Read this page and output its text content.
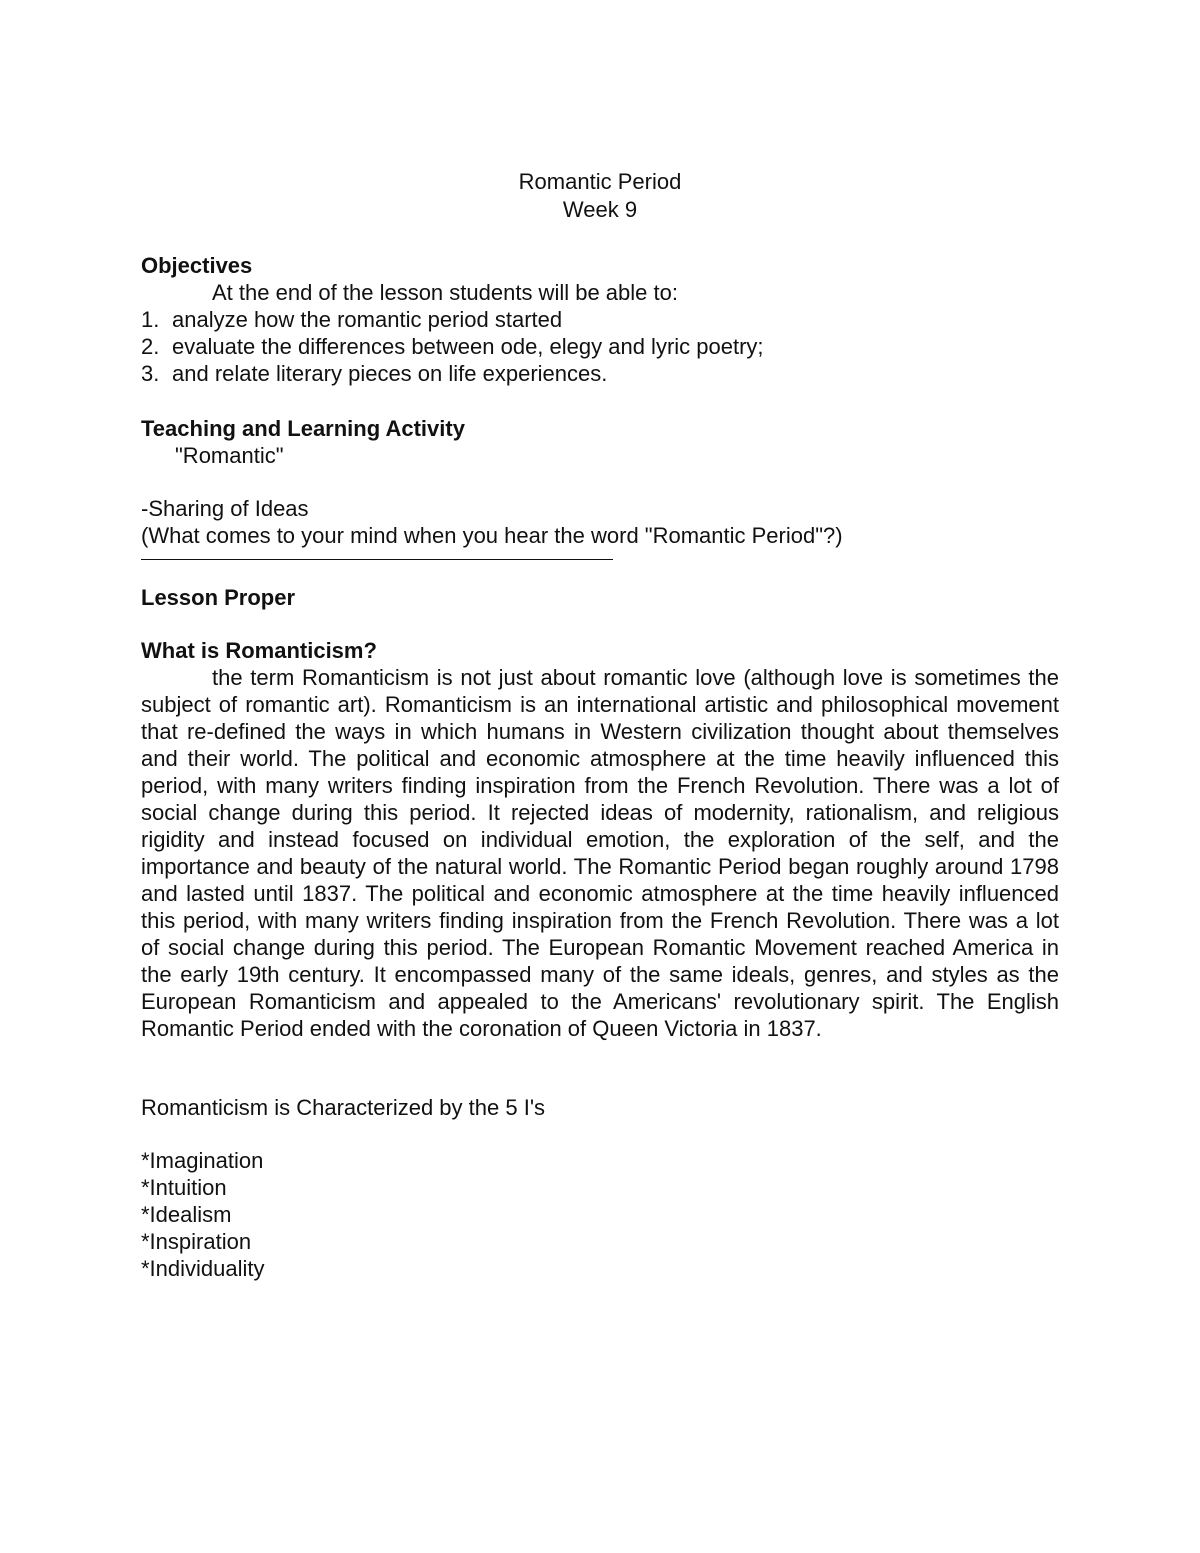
Romantic Period
Week 9
Objectives
At the end of the lesson students will be able to:
1. analyze how the romantic period started
2. evaluate the differences between ode, elegy and lyric poetry;
3. and relate literary pieces on life experiences.
Teaching and Learning Activity
"Romantic"
-Sharing of Ideas
(What comes to your mind when you hear the word "Romantic Period"?)
Lesson Proper
What is Romanticism?

the term Romanticism is not just about romantic love (although love is sometimes the subject of romantic art). Romanticism is an international artistic and philosophical movement that re-defined the ways in which humans in Western civilization thought about themselves and their world. The political and economic atmosphere at the time heavily influenced this period, with many writers finding inspiration from the French Revolution. There was a lot of social change during this period. It rejected ideas of modernity, rationalism, and religious rigidity and instead focused on individual emotion, the exploration of the self, and the importance and beauty of the natural world. The Romantic Period began roughly around 1798 and lasted until 1837. The political and economic atmosphere at the time heavily influenced this period, with many writers finding inspiration from the French Revolution. There was a lot of social change during this period. The European Romantic Movement reached America in the early 19th century. It encompassed many of the same ideals, genres, and styles as the European Romanticism and appealed to the Americans' revolutionary spirit. The English Romantic Period ended with the coronation of Queen Victoria in 1837.

Romanticism is Characterized by the 5 I's
*Imagination
*Intuition
*Idealism
*Inspiration
*Individuality
